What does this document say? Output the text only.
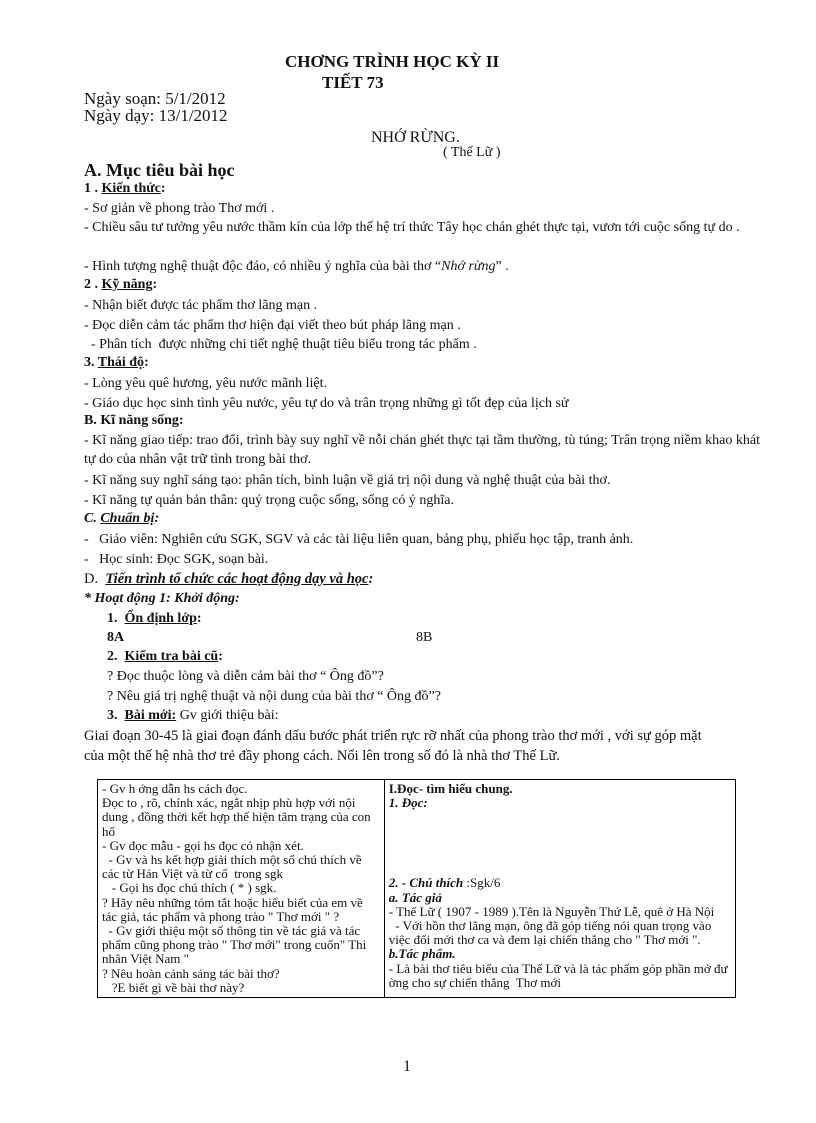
CHƠNG TRÌNH HỌC KỲ II
TIẾT 73
Ngày soạn: 5/1/2012
Ngày dạy: 13/1/2012
NHỚ RỪNG.
( Thế Lữ )
A. Mục tiêu bài học
1 . Kiến thức:
- Sơ giản về phong trào Thơ mới .
- Chiều sâu tư tưởng yêu nước thầm kín của lớp thế hệ trí thức Tây học chán ghét thực tại, vươn tới cuộc sống tự do .
- Hình tượng nghệ thuật độc đáo, có nhiều ý nghĩa của bài thơ “Nhớ rừng” .
2 . Kỹ năng:
- Nhận biết được tác phẩm thơ lãng mạn .
- Đọc diễn cảm tác phẩm thơ hiện đại viết theo bút pháp lãng mạn .
- Phân tích  được những chi tiết nghệ thuật tiêu biểu trong tác phẩm .
3. Thái độ:
- Lòng yêu quê hương, yêu nước mãnh liệt.
- Giáo dục học sinh tình yêu nước, yêu tự do và trân trọng những gì tốt đẹp của lịch sử
B. Kĩ năng sống:
- Kĩ năng giao tiếp: trao đổi, trình bày suy nghĩ về nỗi chán ghét thực tại tầm thường, tù túng; Trân trọng niềm khao khát tự do của nhân vật trữ tình trong bài thơ.
- Kĩ năng suy nghĩ sáng tạo: phân tích, bình luận về giá trị nội dung và nghệ thuật của bài thơ.
- Kĩ năng tự quản bản thân: quý trọng cuộc sống, sống có ý nghĩa.
C. Chuẩn bị:
-   Giáo viên: Nghiên cứu SGK, SGV và các tài liệu liên quan, bảng phụ, phiếu học tập, tranh ảnh.
-   Học sinh: Đọc SGK, soạn bài.
D.  Tiến trình tổ chức các hoạt động dạy và học:
* Hoạt động 1: Khởi động:
1.  Ổn định lớp:
8A	8B
2.  Kiểm tra bài cũ:
? Đọc thuộc lòng và diễn cảm bài thơ “ Ông đồ”?
? Nêu giá trị nghệ thuật và nội dung của bài thơ “ Ông đồ”?
3.  Bài mới: Gv giới thiệu bài:
Giai đoạn 30-45 là giai đoạn đánh dấu bước phát triển rực rỡ nhất của phong trào thơ mới , với sự góp mặt của một thế hệ nhà thơ trẻ đầy phong cách. Nổi lên trong số đó là nhà thơ Thế Lữ.
- Gv h ớng dẫn hs cách đọc.
Đọc to , rõ, chính xác, ngắt nhịp phù hợp với nội dung , đồng thời kết hợp thể hiện tâm trạng của con hổ
- Gv đọc mẫu - gọi hs đọc có nhận xét.
- Gv và hs kết hợp giải thích một số chú thích về các từ Hán Việt và từ cổ  trong sgk
- Gọi hs đọc chú thích ( * ) sgk.
? Hãy nêu những tóm tắt hoặc hiểu biết của em về tác giả, tác phẩm và phong trào " Thơ mới " ?
- Gv giới thiệu một số thông tin về tác giả và tác phẩm cũng phong trào " Thơ mới" trong cuốn" Thi nhân Việt Nam "
? Nêu hoàn cảnh sáng tác bài thơ?
?E biết gì về bài thơ này?

I.Đọc- tìm hiểu chung.
1. Đọc:
2. - Chú thích :Sgk/6
a. Tác giả
- Thế Lữ ( 1907 - 1989 ).Tên là Nguyễn Thứ Lễ, quê ở Hà Nội
- Với hồn thơ lãng mạn, ông đã góp tiếng nói quan trọng vào việc đổi mới thơ ca và đem lại chiến thắng cho " Thơ mới ".
b.Tác phẩm.
- Là bài thơ tiêu biểu của Thế Lữ và là tác phẩm góp phần mở đư    ờng cho sự chiến thắng  Thơ mới
1
